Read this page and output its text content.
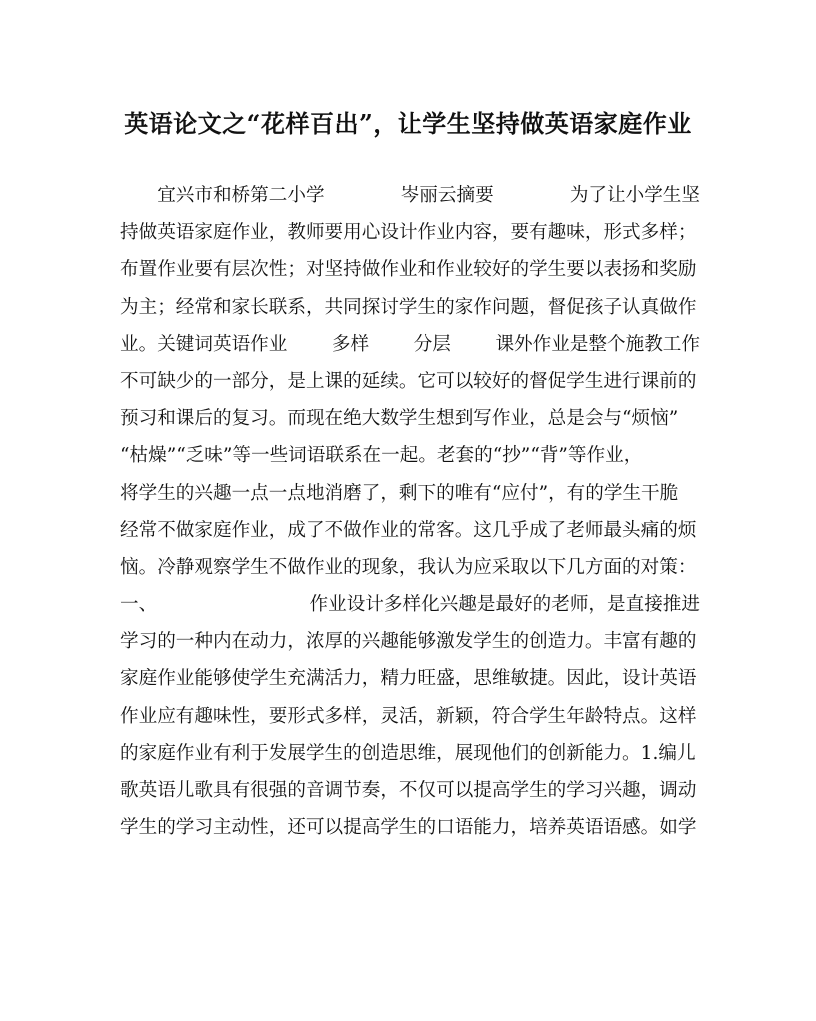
英语论文之“花样百出”，让学生坚持做英语家庭作业
　　宜兴市和桥第二小学	岑丽云摘要	为了让小学生坚
持做英语家庭作业，教师要用心设计作业内容，要有趣味，形式多样；
布置作业要有层次性；对坚持做作业和作业较好的学生要以表扬和奖励
为主；经常和家长联系，共同探讨学生的家作问题，督促孩子认真做作
业。关键词英语作业 多样 分层 课外作业是整个施教工作
不可缺少的一部分，是上课的延续。它可以较好的督促学生进行课前的
预习和课后的复习。而现在绝大数学生想到写作业，总是会与“烦恼”
“枯燥”“乏味”等一些词语联系在一起。老套的“抄”“背”等作业，
将学生的兴趣一点一点地消磨了，剩下的唯有“应付”，有的学生干脆
经常不做家庭作业，成了不做作业的常客。这几乎成了老师最头痛的烦
恼。冷静观察学生不做作业的现象，我认为应采取以下几方面的对策：
一、	作业设计多样化兴趣是最好的老师，是直接推进
学习的一种内在动力，浓厚的兴趣能够激发学生的创造力。丰富有趣的
家庭作业能够使学生充满活力，精力旺盛，思维敏捷。因此，设计英语
作业应有趣味性，要形式多样，灵活，新颖，符合学生年龄特点。这样
的家庭作业有利于发展学生的创造思维，展现他们的创新能力。1.编儿
歌英语儿歌具有很强的音调节奏，不仅可以提高学生的学习兴趣，调动
学生的学习主动性，还可以提高学生的口语能力，培养英语语感。如学
